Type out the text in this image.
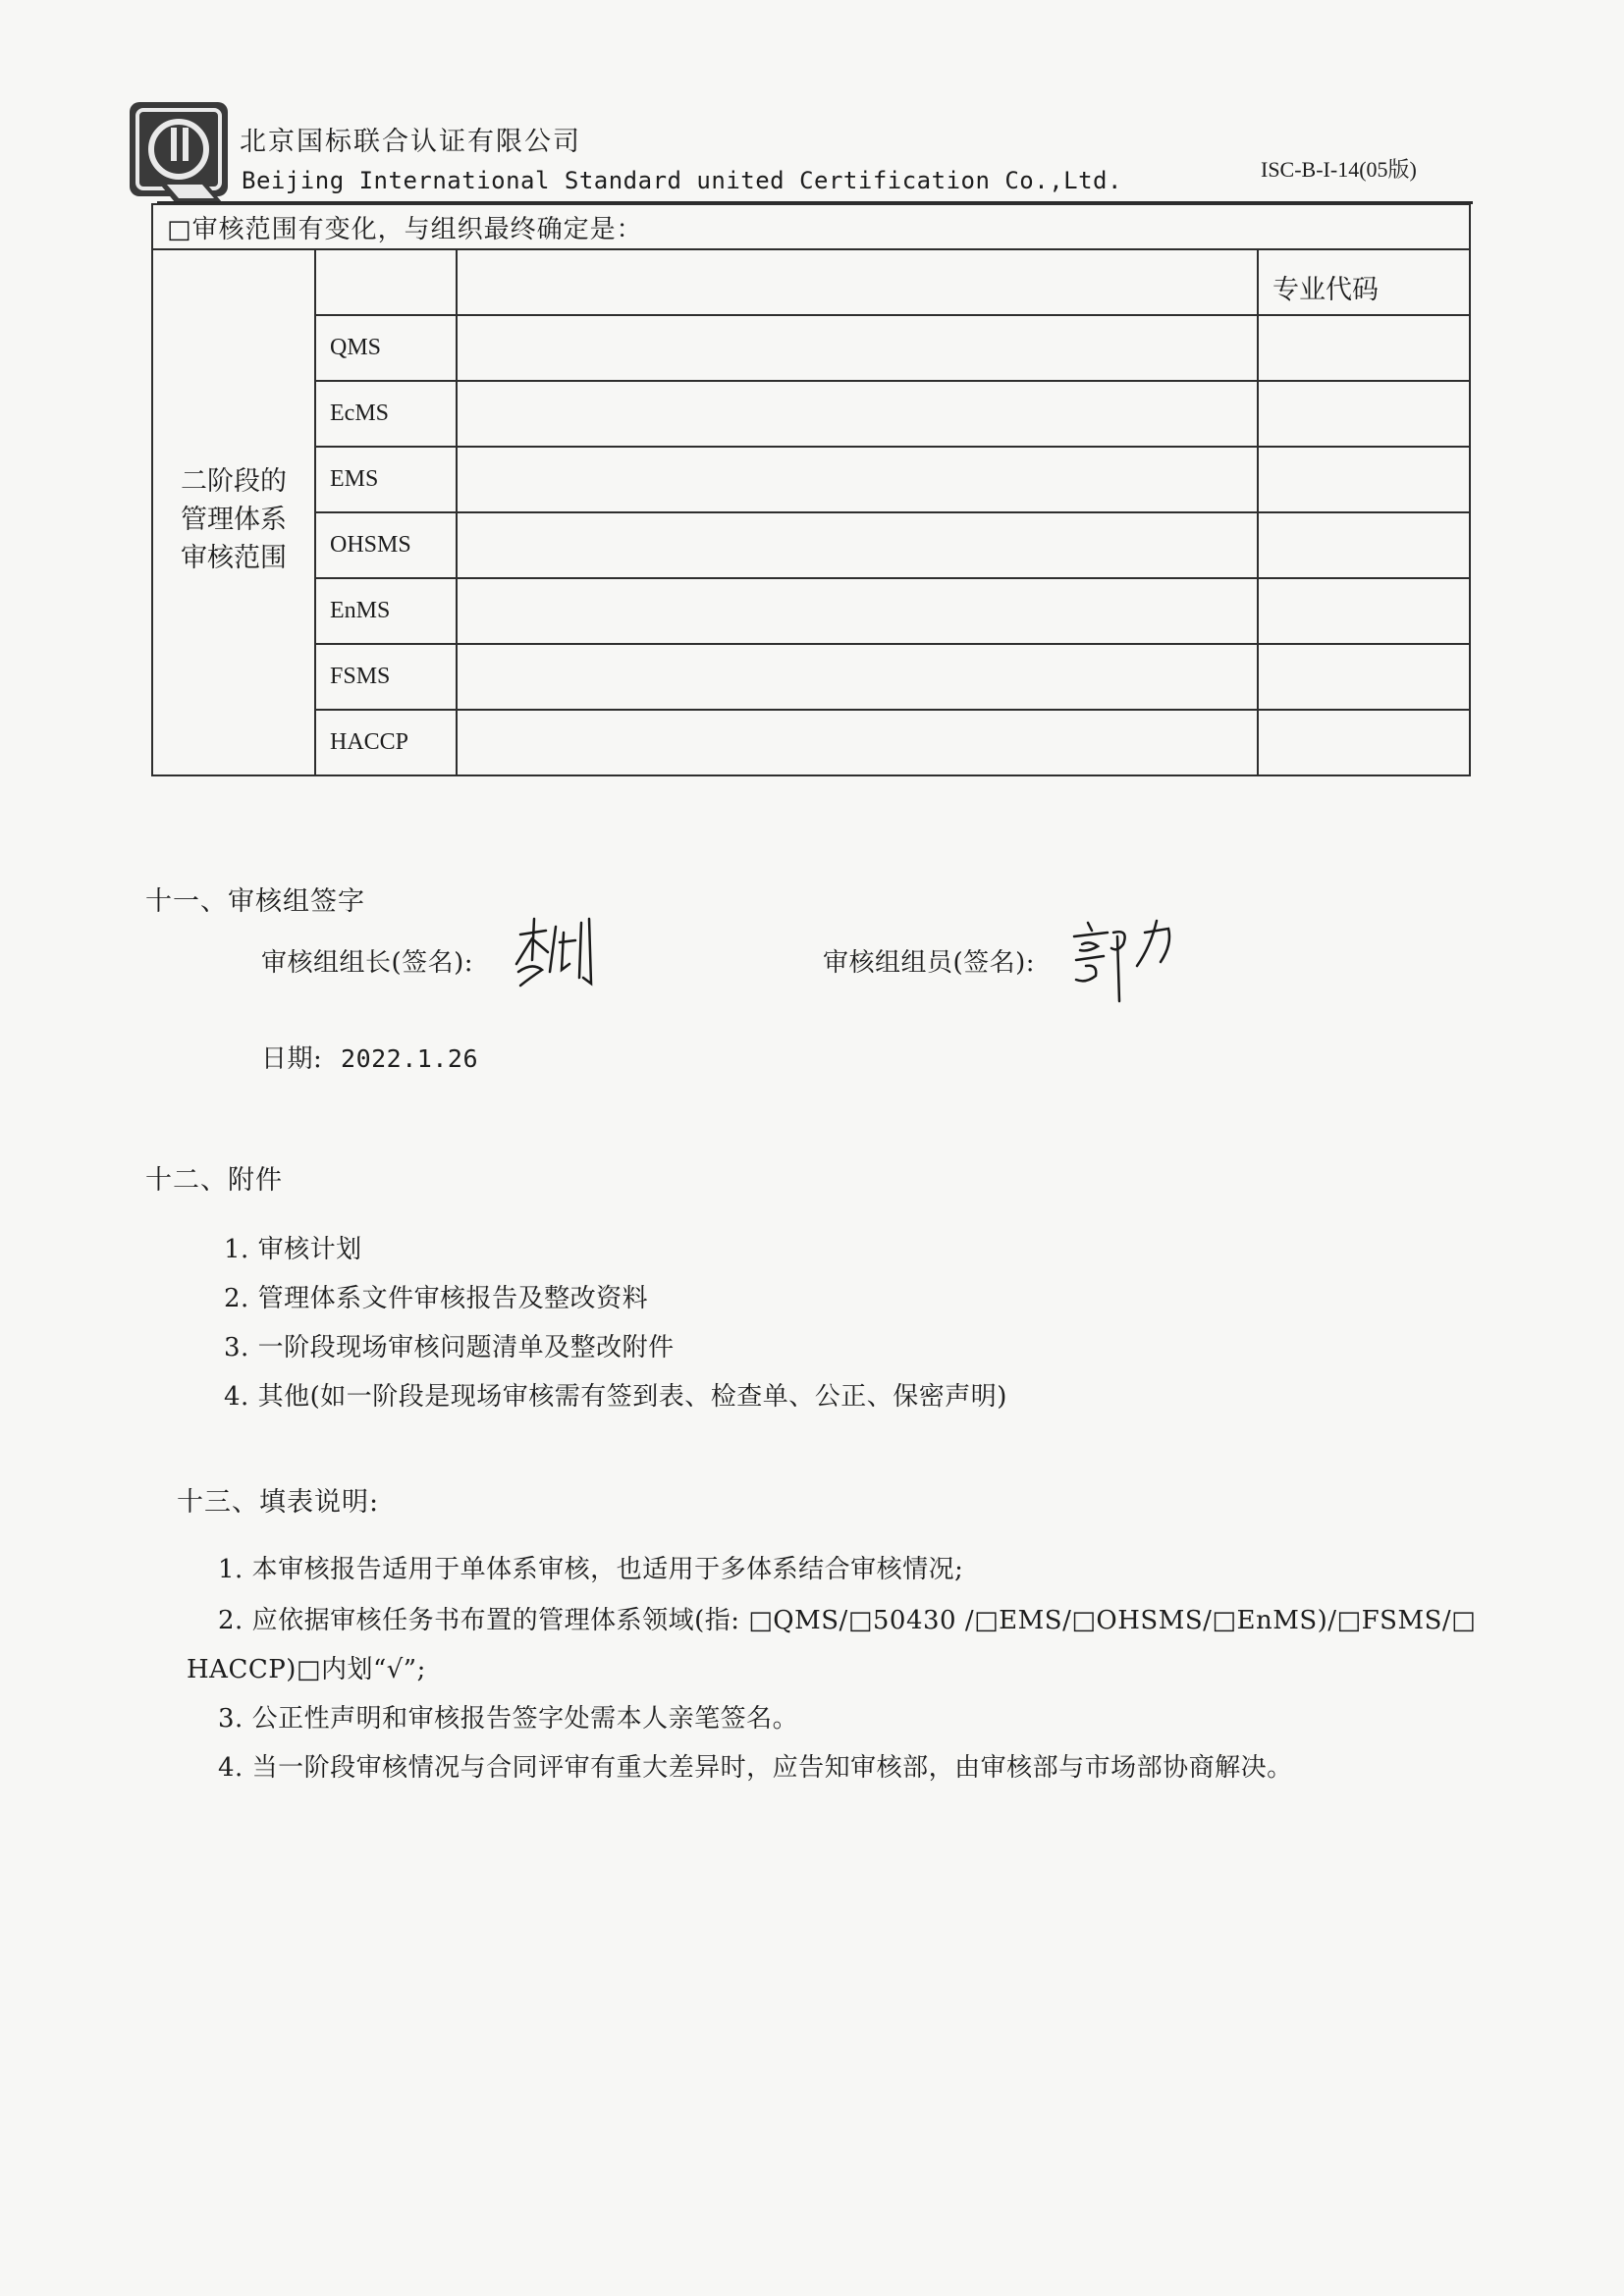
北京国标联合认证有限公司
Beijing International Standard united Certification Co.,Ltd.	ISC-B-I-14(05版)
□审核范围有变化，与组织最终确定是：			

二阶段的
管理体系
审核范围			专业代码
	QMS		
	EcMS		
	EMS		
	OHSMS		
	EnMS		
	FSMS		
	HACCP		
十一、审核组签字
审核组组长(签名):	审核组组员(签名):
日期: 2022.1.26
十二、附件
1. 审核计划
2. 管理体系文件审核报告及整改资料
3. 一阶段现场审核问题清单及整改附件
4. 其他(如一阶段是现场审核需有签到表、检查单、公正、保密声明)
十三、填表说明:
1. 本审核报告适用于单体系审核，也适用于多体系结合审核情况;
2. 应依据审核任务书布置的管理体系领域(指: □QMS/□50430 /□EMS/□OHSMS/□EnMS)/□FSMS/□
HACCP)□内划“√”;
3. 公正性声明和审核报告签字处需本人亲笔签名。
4. 当一阶段审核情况与合同评审有重大差异时，应告知审核部，由审核部与市场部协商解决。
